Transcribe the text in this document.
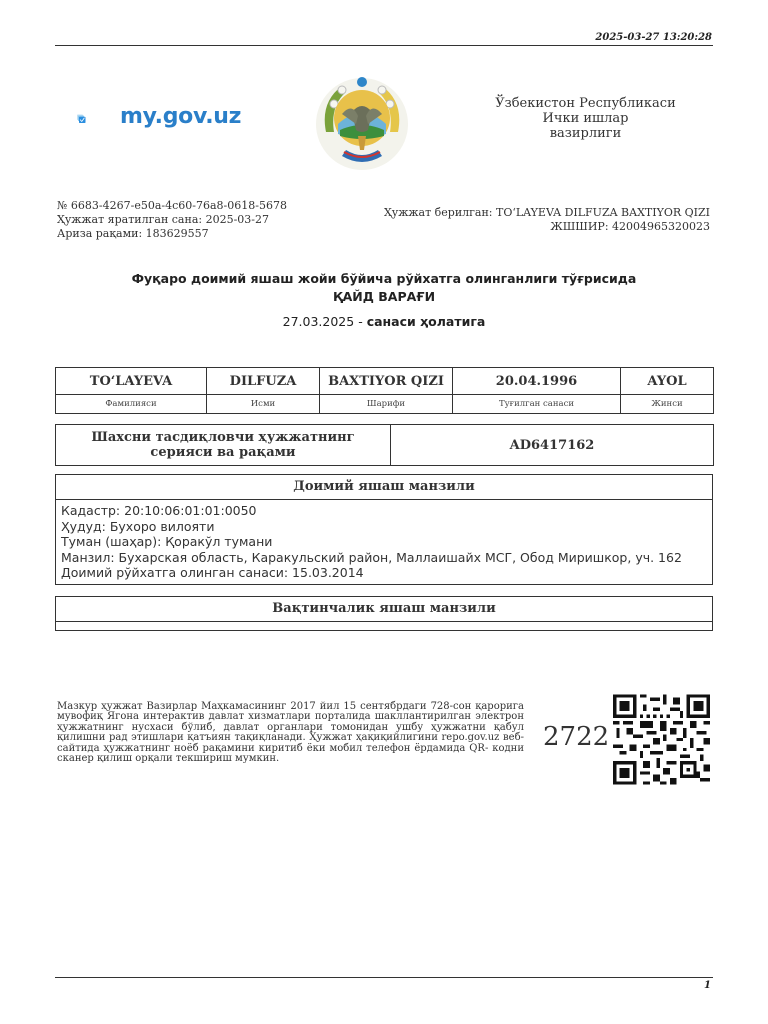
2025-03-27 13:20:28
my.gov.uz
Ўзбекистон Республикаси
Ички ишлар
вазирлиги
№ 6683-4267-e50a-4c60-76a8-0618-5678
Ҳужжат яратилган сана: 2025-03-27
Ариза рақами: 183629557
Ҳужжат берилган: TOʻLAYEVA DILFUZA BAXTIYOR QIZI
ЖШШИР: 42004965320023
Фуқаро доимий яшаш жойи бўйича рўйхатга олинганлиги тўғрисида
ҚАЙД ВАРАҒИ
27.03.2025 - санаси ҳолатига
TOʻLAYEVA	DILFUZA	BAXTIYOR QIZI	20.04.1996	AYOL
Фамилияси	Исми	Шарифи	Туғилган санаси	Жинси
Шахсни тасдиқловчи ҳужжатнинг серияси ва рақами	AD6417162
Доимий яшаш манзили
Кадастр: 20:10:06:01:01:0050
Ҳудуд: Бухоро вилояти
Туман (шаҳар): Қоракўл тумани
Манзил: Бухарская область, Каракульский район, Маллаишайх МСГ, Обод Миришкор, уч. 162
Доимий рўйхатга олинган санаси: 15.03.2014
Вақтинчалик яшаш манзили
Мазкур ҳужжат Вазирлар Маҳкамасининг 2017 йил 15 сентябрдаги 728-сон қарорига мувофиқ Ягона интерактив давлат хизматлари порталида шакллантирилган электрон ҳужжатнинг нусхаси бўлиб, давлат органлари томонидан ушбу ҳужжатни қабул қилишни рад этишлари қатъиян тақиқланади. Ҳужжат ҳақиқийлигини repo.gov.uz веб-сайтида ҳужжатнинг ноёб рақамини киритиб ёки мобил телефон ёрдамида QR- кодни сканер қилиш орқали текшириш мумкин.
2722
1
